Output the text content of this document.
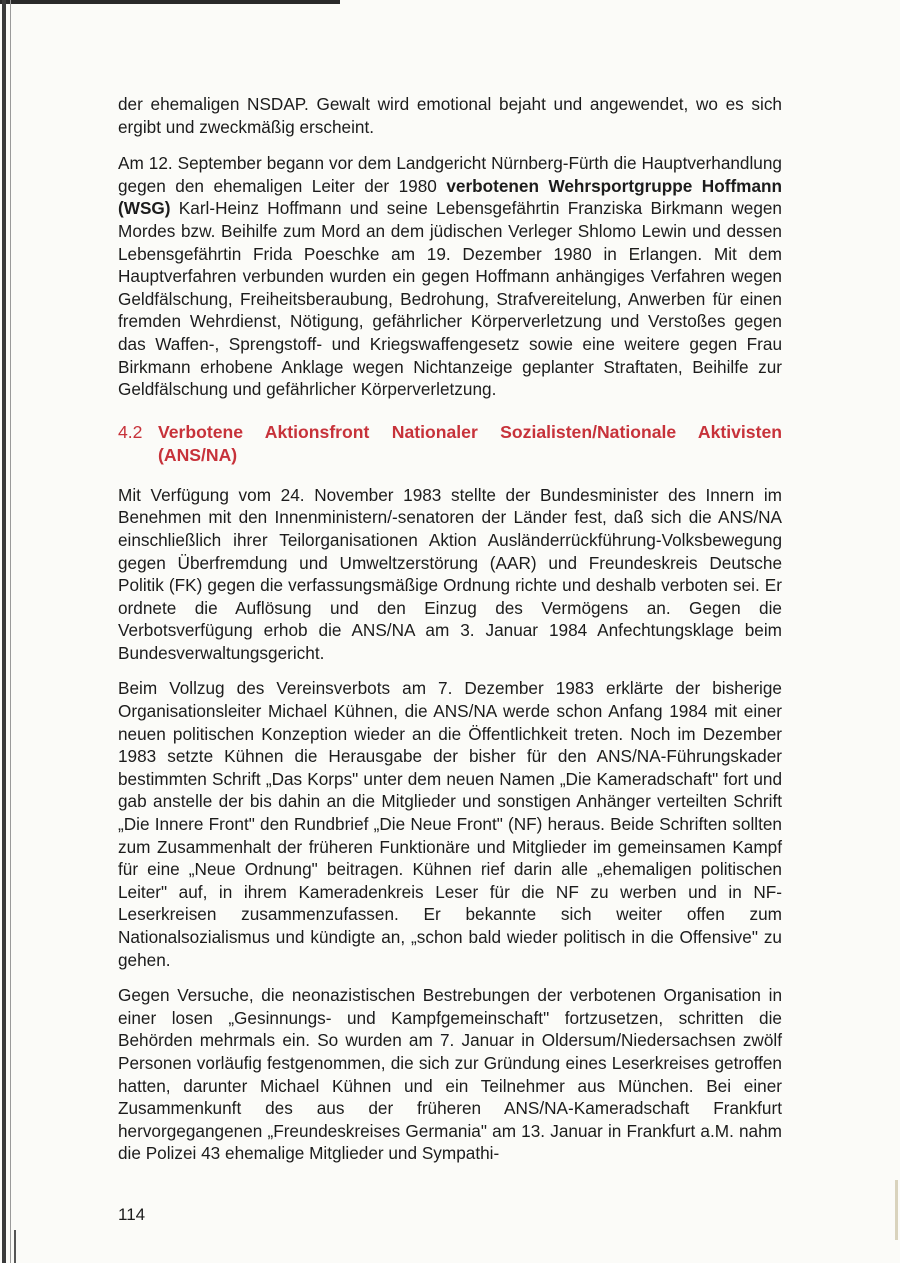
der ehemaligen NSDAP. Gewalt wird emotional bejaht und angewendet, wo es sich ergibt und zweckmäßig erscheint.

Am 12. September begann vor dem Landgericht Nürnberg-Fürth die Hauptverhandlung gegen den ehemaligen Leiter der 1980 verbotenen Wehrsportgruppe Hoffmann (WSG) Karl-Heinz Hoffmann und seine Lebensgefährtin Franziska Birkmann wegen Mordes bzw. Beihilfe zum Mord an dem jüdischen Verleger Shlomo Lewin und dessen Lebensgefährtin Frida Poeschke am 19. Dezember 1980 in Erlangen. Mit dem Hauptverfahren verbunden wurden ein gegen Hoffmann anhängiges Verfahren wegen Geldfälschung, Freiheitsberaubung, Bedrohung, Strafvereitelung, Anwerben für einen fremden Wehrdienst, Nötigung, gefährlicher Körperverletzung und Verstoßes gegen das Waffen-, Sprengstoff- und Kriegswaffengesetz sowie eine weitere gegen Frau Birkmann erhobene Anklage wegen Nichtanzeige geplanter Straftaten, Beihilfe zur Geldfälschung und gefährlicher Körperverletzung.

4.2 Verbotene Aktionsfront Nationaler Sozialisten/Nationale Aktivisten (ANS/NA)

Mit Verfügung vom 24. November 1983 stellte der Bundesminister des Innern im Benehmen mit den Innenministern/-senatoren der Länder fest, daß sich die ANS/NA einschließlich ihrer Teilorganisationen Aktion Ausländerrückführung-Volksbewegung gegen Überfremdung und Umweltzerstörung (AAR) und Freundeskreis Deutsche Politik (FK) gegen die verfassungsmäßige Ordnung richte und deshalb verboten sei. Er ordnete die Auflösung und den Einzug des Vermögens an. Gegen die Verbotsverfügung erhob die ANS/NA am 3. Januar 1984 Anfechtungsklage beim Bundesverwaltungsgericht.

Beim Vollzug des Vereinsverbots am 7. Dezember 1983 erklärte der bisherige Organisationsleiter Michael Kühnen, die ANS/NA werde schon Anfang 1984 mit einer neuen politischen Konzeption wieder an die Öffentlichkeit treten. Noch im Dezember 1983 setzte Kühnen die Herausgabe der bisher für den ANS/NA-Führungskader bestimmten Schrift „Das Korps" unter dem neuen Namen „Die Kameradschaft" fort und gab anstelle der bis dahin an die Mitglieder und sonstigen Anhänger verteilten Schrift „Die Innere Front" den Rundbrief „Die Neue Front" (NF) heraus. Beide Schriften sollten zum Zusammenhalt der früheren Funktionäre und Mitglieder im gemeinsamen Kampf für eine „Neue Ordnung" beitragen. Kühnen rief darin alle „ehemaligen politischen Leiter" auf, in ihrem Kameradenkreis Leser für die NF zu werben und in NF-Leserkreisen zusammenzufassen. Er bekannte sich weiter offen zum Nationalsozialismus und kündigte an, „schon bald wieder politisch in die Offensive" zu gehen.

Gegen Versuche, die neonazistischen Bestrebungen der verbotenen Organisation in einer losen „Gesinnungs- und Kampfgemeinschaft" fortzusetzen, schritten die Behörden mehrmals ein. So wurden am 7. Januar in Oldersum/Niedersachsen zwölf Personen vorläufig festgenommen, die sich zur Gründung eines Leserkreises getroffen hatten, darunter Michael Kühnen und ein Teilnehmer aus München. Bei einer Zusammenkunft des aus der früheren ANS/NA-Kameradschaft Frankfurt hervorgegangenen „Freundeskreises Germania" am 13. Januar in Frankfurt a.M. nahm die Polizei 43 ehemalige Mitglieder und Sympathi-

114
